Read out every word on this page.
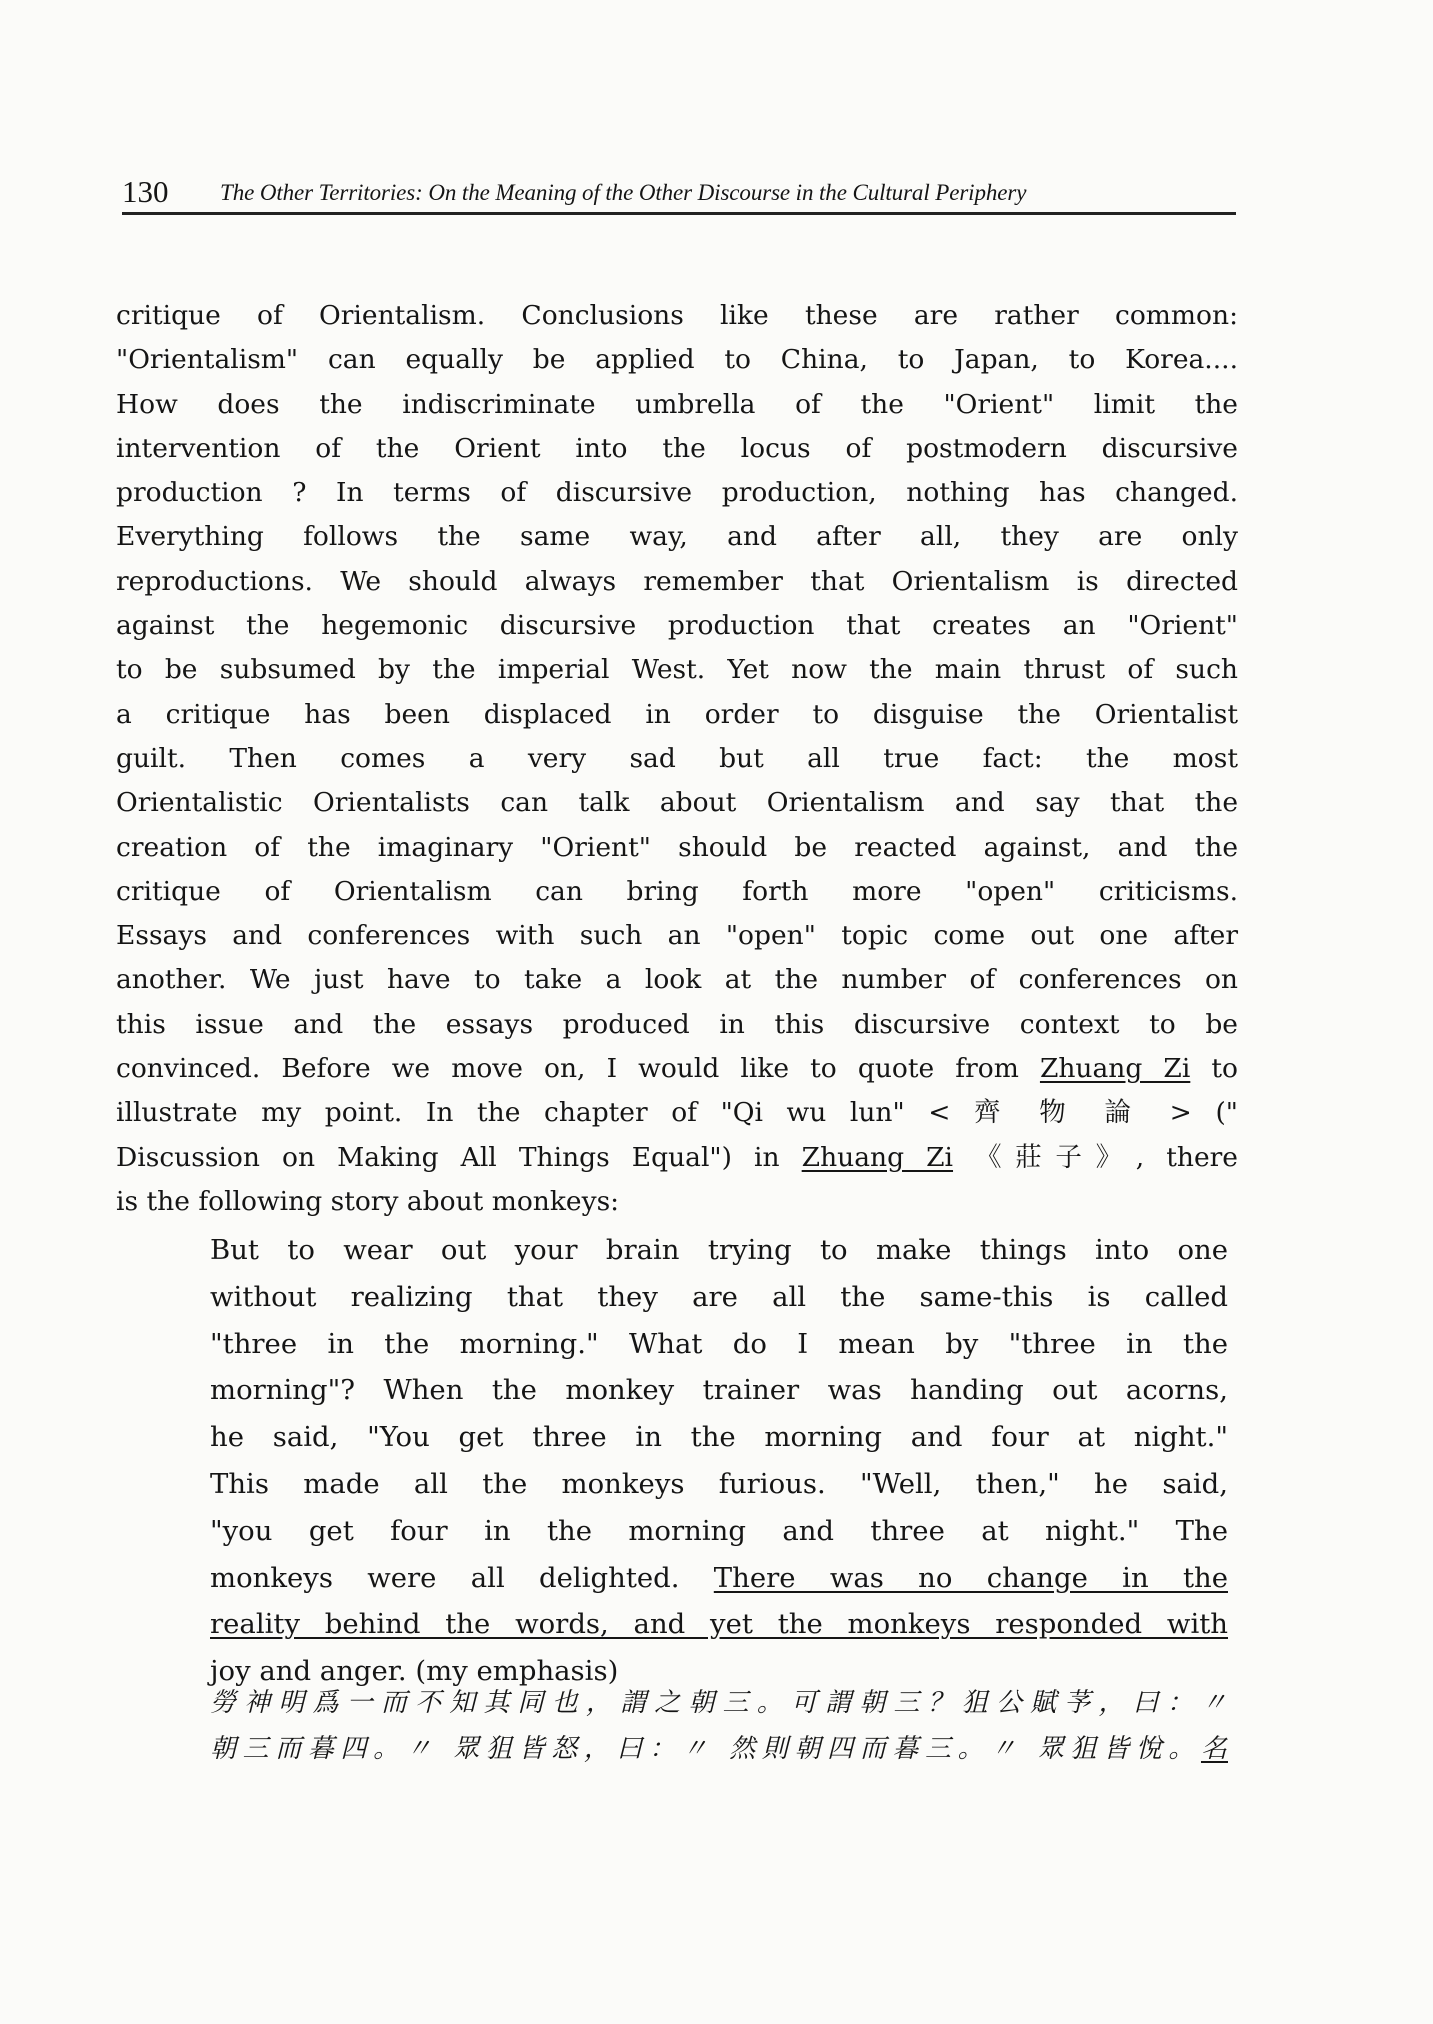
130 The Other Territories: On the Meaning of the Other Discourse in the Cultural Periphery
critique of Orientalism. Conclusions like these are rather common:
"Orientalism" can equally be applied to China, to Japan, to Korea....
How does the indiscriminate umbrella of the "Orient" limit the
intervention of the Orient into the locus of postmodern discursive
production ? In terms of discursive production, nothing has changed.
Everything follows the same way, and after all, they are only
reproductions. We should always remember that Orientalism is directed
against the hegemonic discursive production that creates an "Orient"
to be subsumed by the imperial West. Yet now the main thrust of such
a critique has been displaced in order to disguise the Orientalist
guilt. Then comes a very sad but all true fact: the most
Orientalistic Orientalists can talk about Orientalism and say that the
creation of the imaginary "Orient" should be reacted against, and the
critique of Orientalism can bring forth more "open" criticisms.
Essays and conferences with such an "open" topic come out one after
another. We just have to take a look at the number of conferences on
this issue and the essays produced in this discursive context to be
convinced. Before we move on, I would like to quote from Zhuang Zi to
illustrate my point. In the chapter of "Qi wu lun" < 齊 物 論 > ("
Discussion on Making All Things Equal") in Zhuang Zi 《莊子》, there
is the following story about monkeys:
But to wear out your brain trying to make things into one
without realizing that they are all the same-this is called
"three in the morning." What do I mean by "three in the
morning"? When the monkey trainer was handing out acorns,
he said, "You get three in the morning and four at night."
This made all the monkeys furious. "Well, then," he said,
"you get four in the morning and three at night." The
monkeys were all delighted. There was no change in the
reality behind the words, and yet the monkeys responded with
joy and anger. (my emphasis)
勞神明爲一而不知其同也，謂之朝三。可謂朝三？狙公賦芧，曰：〃
朝三而暮四。〃 眾狙皆怒，曰：〃 然則朝四而暮三。〃 眾狙皆悅。名
